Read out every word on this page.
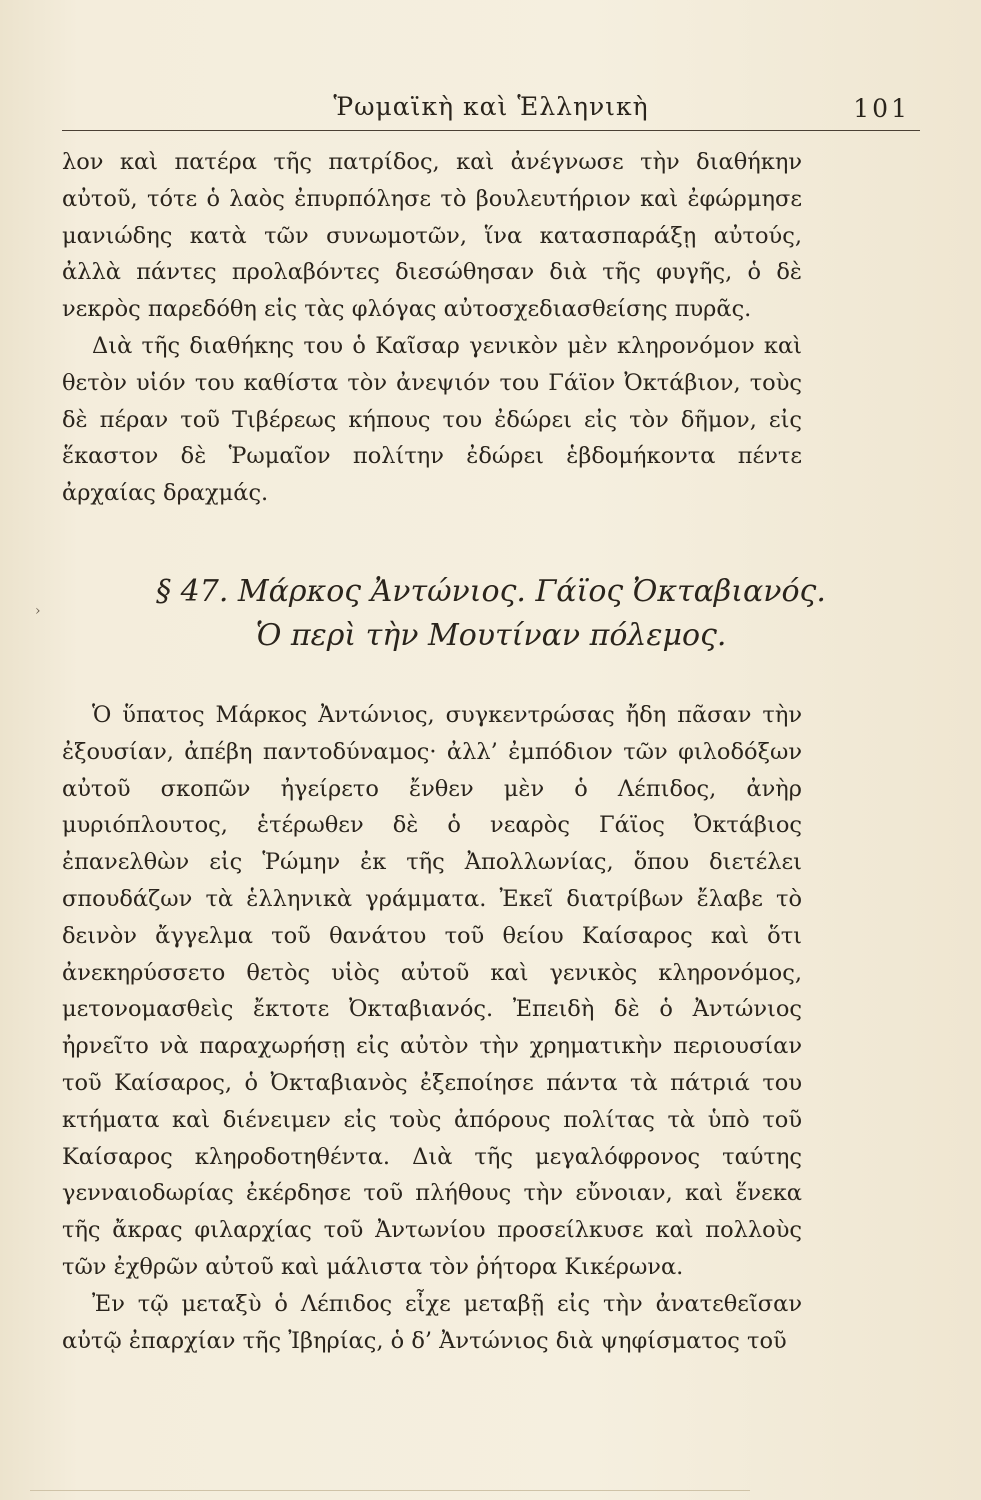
Ῥωμαϊκὴ καὶ Ἑλληνικὴ	101

λον καὶ πατέρα τῆς πατρίδος, καὶ ἀνέγνωσε τὴν διαθήκην αὐτοῦ, τότε ὁ λαὸς ἐπυρπόλησε τὸ βουλευτήριον καὶ ἐφώρμησε μανιώδης κατὰ τῶν συνωμοτῶν, ἵνα κατασπαράξῃ αὐτούς, ἀλλὰ πάντες προλαβόντες διεσώθησαν διὰ τῆς φυγῆς, ὁ δὲ νεκρὸς παρεδόθη εἰς τὰς φλόγας αὐτοσχεδιασθείσης πυρᾶς.

Διὰ τῆς διαθήκης του ὁ Καῖσαρ γενικὸν μὲν κληρονόμον καὶ θετὸν υἱόν του καθίστα τὸν ἀνεψιόν του Γάϊον Ὀκτάβιον, τοὺς δὲ πέραν τοῦ Τιβέρεως κήπους του ἐδώρει εἰς τὸν δῆμον, εἰς ἕκαστον δὲ Ῥωμαῖον πολίτην ἐδώρει ἑβδομήκοντα πέντε ἀρχαίας δραχμάς.

›
§ 47. Μάρκος Ἀντώνιος. Γάϊος Ὀκταβιανός.
Ὁ περὶ τὴν Μουτίναν πόλεμος.

Ὁ ὕπατος Μάρκος Ἀντώνιος, συγκεντρώσας ἤδη πᾶσαν τὴν ἐξουσίαν, ἀπέβη παντοδύναμος· ἀλλ’ ἐμπόδιον τῶν φιλοδόξων αὐτοῦ σκοπῶν ἠγείρετο ἔνθεν μὲν ὁ Λέπιδος, ἀνὴρ μυριόπλουτος, ἑτέρωθεν δὲ ὁ νεαρὸς Γάϊος Ὀκτάβιος ἐπανελθὼν εἰς Ῥώμην ἐκ τῆς Ἀπολλωνίας, ὅπου διετέλει σπουδάζων τὰ ἑλληνικὰ γράμματα. Ἐκεῖ διατρίβων ἔλαβε τὸ δεινὸν ἄγγελμα τοῦ θανάτου τοῦ θείου Καίσαρος καὶ ὅτι ἀνεκηρύσσετο θετὸς υἱὸς αὐτοῦ καὶ γενικὸς κληρονόμος, μετονομασθεὶς ἔκτοτε Ὀκταβιανός. Ἐπειδὴ δὲ ὁ Ἀντώνιος ἠρνεῖτο νὰ παραχωρήσῃ εἰς αὐτὸν τὴν χρηματικὴν περιουσίαν τοῦ Καίσαρος, ὁ Ὀκταβιανὸς ἐξεποίησε πάντα τὰ πάτριά του κτήματα καὶ διένειμεν εἰς τοὺς ἀπόρους πολίτας τὰ ὑπὸ τοῦ Καίσαρος κληροδοτηθέντα. Διὰ τῆς μεγαλόφρονος ταύτης γενναιοδωρίας ἐκέρδησε τοῦ πλήθους τὴν εὔνοιαν, καὶ ἕνεκα τῆς ἄκρας φιλαρχίας τοῦ Ἀντωνίου προσείλκυσε καὶ πολλοὺς τῶν ἐχθρῶν αὐτοῦ καὶ μάλιστα τὸν ῥήτορα Κικέρωνα.

Ἐν τῷ μεταξὺ ὁ Λέπιδος εἶχε μεταβῇ εἰς τὴν ἀνατεθεῖσαν αὐτῷ ἐπαρχίαν τῆς Ἰβηρίας, ὁ δ’ Ἀντώνιος διὰ ψηφίσματος τοῦ
